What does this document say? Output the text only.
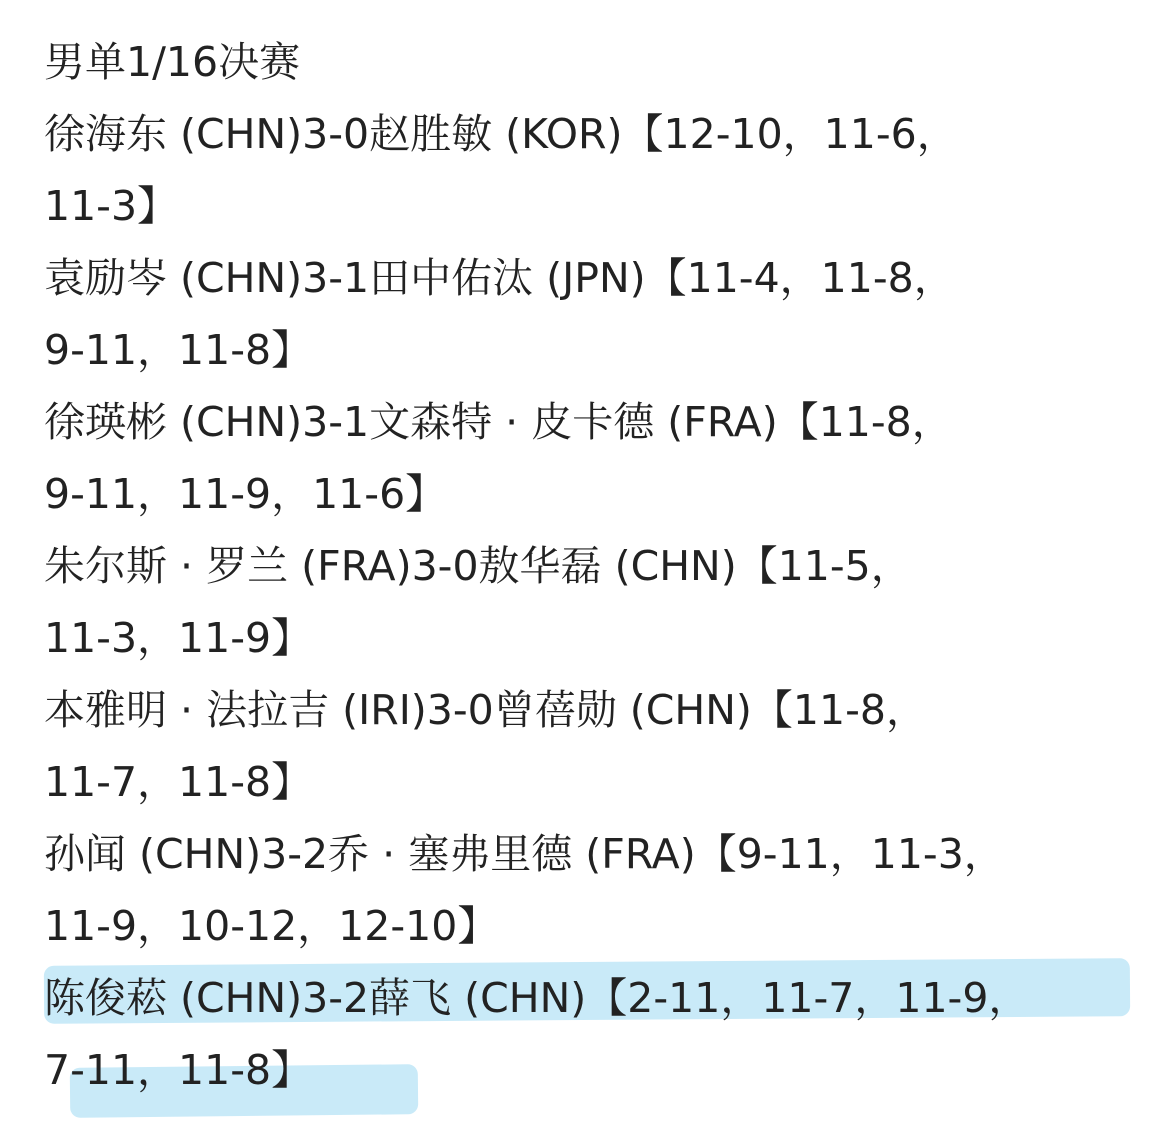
男单1/16决赛
徐海东 (CHN)3-0赵胜敏 (KOR)【12-10，11-6，
11-3】
袁励岑 (CHN)3-1田中佑汰 (JPN)【11-4，11-8，
9-11，11-8】
徐瑛彬 (CHN)3-1文森特 · 皮卡德 (FRA)【11-8，
9-11，11-9，11-6】
朱尔斯 · 罗兰 (FRA)3-0敖华磊 (CHN)【11-5，
11-3，11-9】
本雅明 · 法拉吉 (IRI)3-0曾蓓勋 (CHN)【11-8，
11-7，11-8】
孙闻 (CHN)3-2乔 · 塞弗里德 (FRA)【9-11，11-3，
11-9，10-12，12-10】
陈俊菘 (CHN)3-2薛飞 (CHN)【2-11，11-7，11-9，
7-11，11-8】
